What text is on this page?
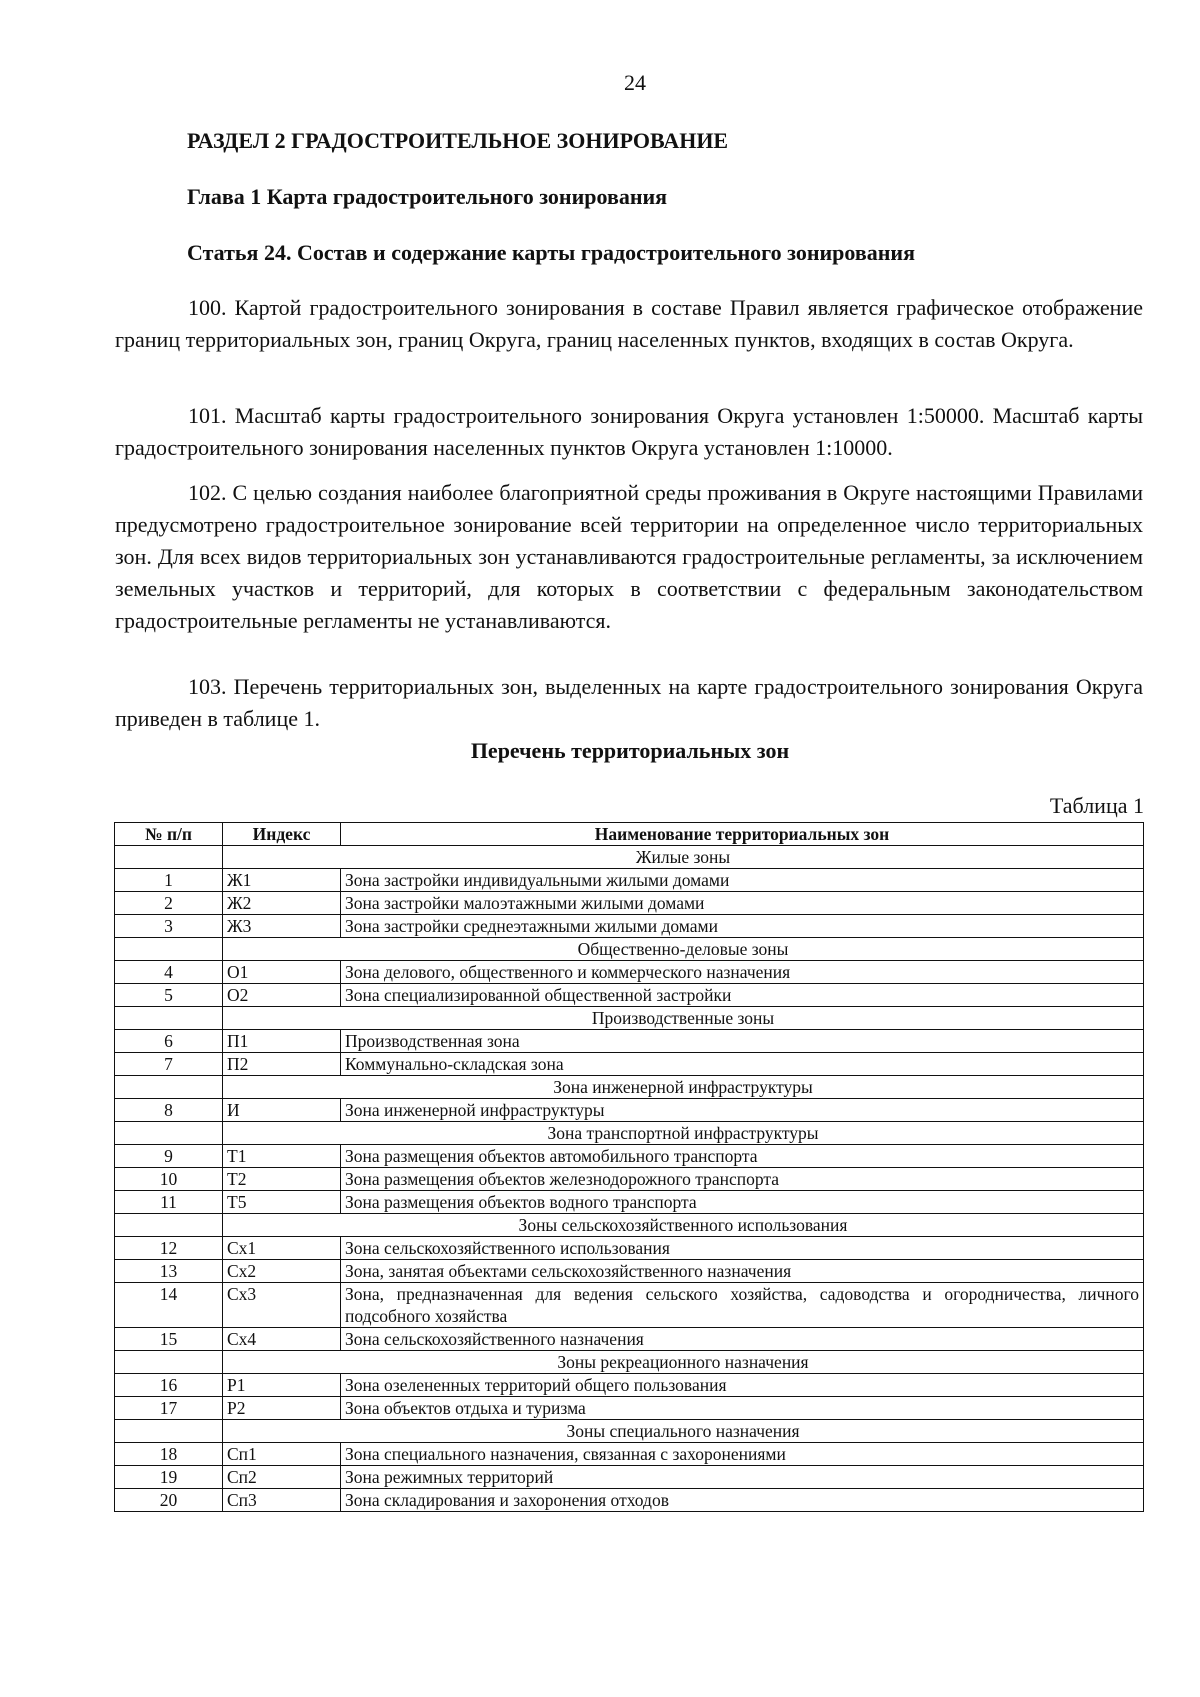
24
РАЗДЕЛ 2 ГРАДОСТРОИТЕЛЬНОЕ ЗОНИРОВАНИЕ
Глава 1 Карта градостроительного зонирования
Статья 24. Состав и содержание карты градостроительного зонирования

100. Картой градостроительного зонирования в составе Правил является графическое отображение границ территориальных зон, границ Округа, границ населенных пунктов, входящих в состав Округа.

101. Масштаб карты градостроительного зонирования Округа установлен 1:50000. Масштаб карты градостроительного зонирования населенных пунктов Округа установлен 1:10000.

102. С целью создания наиболее благоприятной среды проживания в Округе настоящими Правилами предусмотрено градостроительное зонирование всей территории на определенное число территориальных зон. Для всех видов территориальных зон устанавливаются градостроительные регламенты, за исключением земельных участков и территорий, для которых в соответствии с федеральным законодательством градостроительные регламенты не устанавливаются.

103. Перечень территориальных зон, выделенных на карте градостроительного зонирования Округа приведен в таблице 1.

Перечень территориальных зон
Таблица 1
№ п/п	Индекс	Наименование территориальных зон
	Жилые зоны	
1	Ж1	Зона застройки индивидуальными жилыми домами
2	Ж2	Зона застройки малоэтажными жилыми домами
3	Ж3	Зона застройки среднеэтажными жилыми домами
	Общественно-деловые зоны	
4	О1	Зона делового, общественного и коммерческого назначения
5	О2	Зона специализированной общественной застройки
	Производственные зоны	
6	П1	Производственная зона
7	П2	Коммунально-складская зона
	Зона инженерной инфраструктуры	
8	И	Зона инженерной инфраструктуры
	Зона транспортной инфраструктуры	
9	Т1	Зона размещения объектов автомобильного транспорта
10	Т2	Зона размещения объектов железнодорожного транспорта
11	Т5	Зона размещения объектов водного транспорта
	Зоны сельскохозяйственного использования	
12	Сх1	Зона сельскохозяйственного использования
13	Сх2	Зона, занятая объектами сельскохозяйственного назначения
14	Сх3	Зона, предназначенная для ведения сельского хозяйства, садоводства и огородничества, личного подсобного хозяйства
15	Сх4	Зона сельскохозяйственного назначения
	Зоны рекреационного назначения	
16	Р1	Зона озелененных территорий общего пользования
17	Р2	Зона объектов отдыха и туризма
	Зоны специального назначения	
18	Сп1	Зона специального назначения, связанная с захоронениями
19	Сп2	Зона режимных территорий
20	Сп3	Зона складирования и захоронения отходов
